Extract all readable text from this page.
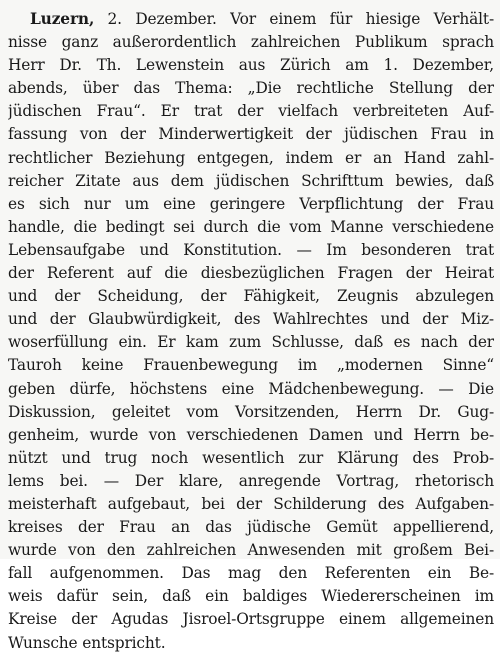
Luzern, 2. Dezember. Vor einem für hiesige Verhält-
nisse ganz außerordentlich zahlreichen Publikum sprach
Herr Dr. Th. Lewenstein aus Zürich am 1. Dezember,
abends, über das Thema: „Die rechtliche Stellung der
jüdischen Frau“. Er trat der vielfach verbreiteten Auf-
fassung von der Minderwertigkeit der jüdischen Frau in
rechtlicher Beziehung entgegen, indem er an Hand zahl-
reicher Zitate aus dem jüdischen Schrifttum bewies, daß
es sich nur um eine geringere Verpflichtung der Frau
handle, die bedingt sei durch die vom Manne verschiedene
Lebensaufgabe und Konstitution. — Im besonderen trat
der Referent auf die diesbezüglichen Fragen der Heirat
und der Scheidung, der Fähigkeit, Zeugnis abzulegen
und der Glaubwürdigkeit, des Wahlrechtes und der Miz-
woserfüllung ein. Er kam zum Schlusse, daß es nach der
Tauroh keine Frauenbewegung im „modernen Sinne“
geben dürfe, höchstens eine Mädchenbewegung. — Die
Diskussion, geleitet vom Vorsitzenden, Herrn Dr. Gug-
genheim, wurde von verschiedenen Damen und Herrn be-
nützt und trug noch wesentlich zur Klärung des Prob-
lems bei. — Der klare, anregende Vortrag, rhetorisch
meisterhaft aufgebaut, bei der Schilderung des Aufgaben-
kreises der Frau an das jüdische Gemüt appellierend,
wurde von den zahlreichen Anwesenden mit großem Bei-
fall aufgenommen. Das mag den Referenten ein Be-
weis dafür sein, daß ein baldiges Wiedererscheinen im
Kreise der Agudas Jisroel-Ortsgruppe einem allgemeinen
Wunsche entspricht.
